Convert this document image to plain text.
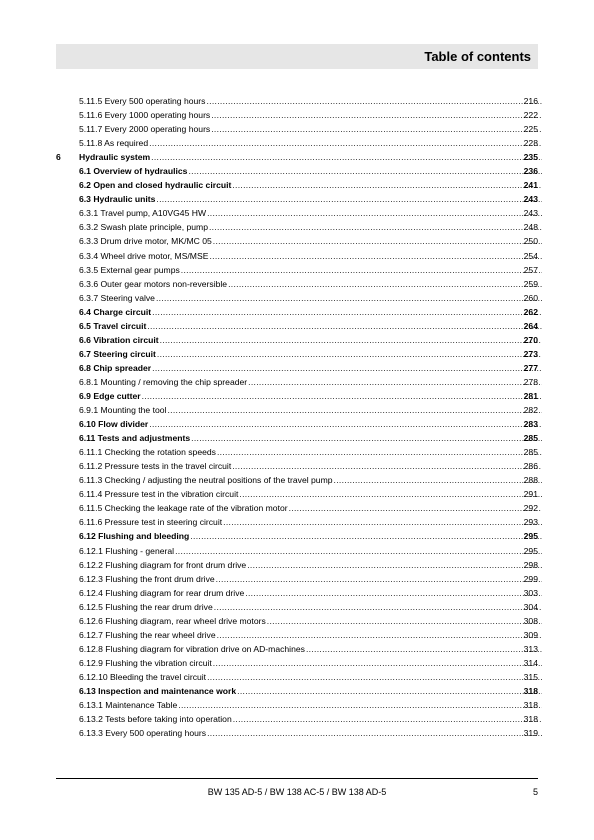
Table of contents
5.11.5 Every 500 operating hours .....	216
5.11.6 Every 1000 operating hours .....	222
5.11.7 Every 2000 operating hours .....	225
5.11.8 As required .....	228
6 Hydraulic system .....	235
6.1 Overview of hydraulics .....	236
6.2 Open and closed hydraulic circuit .....	241
6.3 Hydraulic units .....	243
6.3.1 Travel pump, A10VG45 HW .....	243
6.3.2 Swash plate principle, pump .....	248
6.3.3 Drum drive motor, MK/MC 05 .....	250
6.3.4 Wheel drive motor, MS/MSE .....	254
6.3.5 External gear pumps .....	257
6.3.6 Outer gear motors non-reversible .....	259
6.3.7 Steering valve .....	260
6.4 Charge circuit .....	262
6.5 Travel circuit .....	264
6.6 Vibration circuit .....	270
6.7 Steering circuit .....	273
6.8 Chip spreader .....	277
6.8.1 Mounting / removing the chip spreader .....	278
6.9 Edge cutter .....	281
6.9.1 Mounting the tool .....	282
6.10 Flow divider .....	283
6.11 Tests and adjustments .....	285
6.11.1 Checking the rotation speeds .....	285
6.11.2 Pressure tests in the travel circuit .....	286
6.11.3 Checking / adjusting the neutral positions of the travel pump .....	288
6.11.4 Pressure test in the vibration circuit .....	291
6.11.5 Checking the leakage rate of the vibration motor .....	292
6.11.6 Pressure test in steering circuit .....	293
6.12 Flushing and bleeding .....	295
6.12.1 Flushing - general .....	295
6.12.2 Flushing diagram for front drum drive .....	298
6.12.3 Flushing the front drum drive .....	299
6.12.4 Flushing diagram for rear drum drive .....	303
6.12.5 Flushing the rear drum drive .....	304
6.12.6 Flushing diagram, rear wheel drive motors .....	308
6.12.7 Flushing the rear wheel drive .....	309
6.12.8 Flushing diagram for vibration drive on AD-machines .....	313
6.12.9 Flushing the vibration circuit .....	314
6.12.10 Bleeding the travel circuit .....	315
6.13 Inspection and maintenance work .....	318
6.13.1 Maintenance Table .....	318
6.13.2 Tests before taking into operation .....	318
6.13.3 Every 500 operating hours .....	319
BW 135 AD-5 / BW 138 AC-5 / BW 138 AD-5	5
